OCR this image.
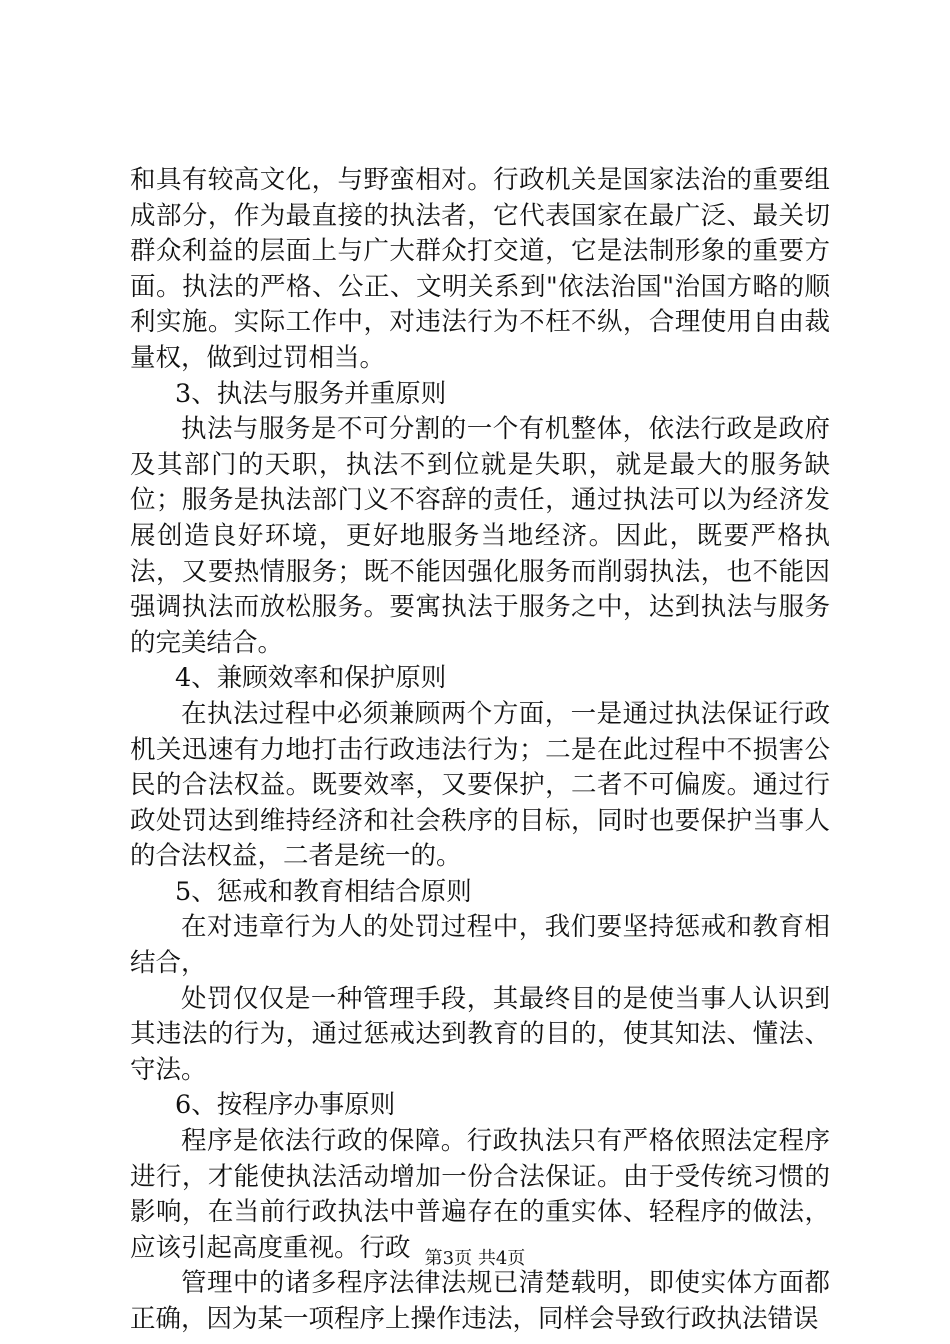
和具有较高文化，与野蛮相对。行政机关是国家法治的重要组成部分，作为最直接的执法者，它代表国家在最广泛、最关切群众利益的层面上与广大群众打交道，它是法制形象的重要方面。执法的严格、公正、文明关系到"依法治国"治国方略的顺利实施。实际工作中，对违法行为不枉不纵，合理使用自由裁量权，做到过罚相当。

3、执法与服务并重原则

执法与服务是不可分割的一个有机整体，依法行政是政府及其部门的天职，执法不到位就是失职，就是最大的服务缺位；服务是执法部门义不容辞的责任，通过执法可以为经济发展创造良好环境，更好地服务当地经济。因此，既要严格执法，又要热情服务；既不能因强化服务而削弱执法，也不能因强调执法而放松服务。要寓执法于服务之中，达到执法与服务的完美结合。

4、兼顾效率和保护原则

在执法过程中必须兼顾两个方面，一是通过执法保证行政机关迅速有力地打击行政违法行为；二是在此过程中不损害公民的合法权益。既要效率，又要保护，二者不可偏废。通过行政处罚达到维持经济和社会秩序的目标，同时也要保护当事人的合法权益，二者是统一的。

5、惩戒和教育相结合原则

在对违章行为人的处罚过程中，我们要坚持惩戒和教育相结合，

处罚仅仅是一种管理手段，其最终目的是使当事人认识到其违法的行为，通过惩戒达到教育的目的，使其知法、懂法、守法。

6、按程序办事原则

程序是依法行政的保障。行政执法只有严格依照法定程序进行，才能使执法活动增加一份合法保证。由于受传统习惯的影响，在当前行政执法中普遍存在的重实体、轻程序的做法，应该引起高度重视。行政

管理中的诸多程序法律法规已清楚载明，即使实体方面都正确，因为某一项程序上操作违法，同样会导致行政执法错误

第3页 共4页
